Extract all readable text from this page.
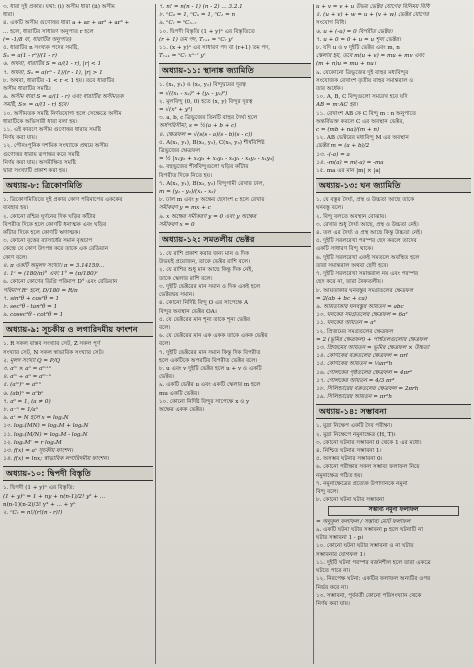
৩. ধারা দুই প্রকার। যথা: (i) অসীম ধারা (ii) অসীম
ধারা।
৪. একটি অসীম গুণোত্তর ধারা a + ar + ar² + ar³ +
... হলে, ধারাটির সাধারণ অনুপাত r হলে
(= -1/8 বা, ধারাটির অনুপাত)
৫. ধারাটির n সংখ্যক পদের সমষ্টি,
Sₙ = a(1 - rⁿ)/(1 - r)
৬. অথবা, ধারাটির S = a/(1 - r), |r| < 1
৭. অথবা, Sₙ = a(rⁿ - 1)/(r - 1), |r| > 1
৮. অথবা, ধারাটির -1 < r < 1 হয়। তবে ধারাটির
অসীম ধারাটির সমষ্টি।
৯. অসীম ধারা S = a/(1 - r) এবং ধারাটির অসীমতক
সমষ্টি, S∞ = a/(1 - r) হবে।
১০. অসীমতক সমষ্টি নির্ণয়যোগ্য হলে সেক্ষেত্রে অসীম
ধারাটিকে অভিসারী ধারা বলা হয়।
১১. এই কারণে অসীম গুণোত্তর ধারার সমষ্টি
নির্ণয় করা যায়।
১২. পৌনঃপুনিক দশমিক সংখ্যাকে প্রথমে অসীম
গুণোত্তর ধারায় রূপান্তর করে সমষ্টি
নির্ণয় করা যায়। অসমীক্ষিত সমষ্টি
দ্বারা সংখ্যাটি প্রকাশ করা হয়।
অধ্যায়-৮: ত্রিকোণমিতি
১. ত্রিকোণমিতিতে দুই প্রকার কোণ পরিমাপের এককের
ব্যবহার হয়।
২. কোনো রশ্মির ঘূর্ণনের দিক ঘড়ির কাঁটার
বিপরীত দিকে হলে কোণটি ধনাত্মক এবং ঘড়ির
কাঁটার দিকে হলে কোণটি ঋণাত্মক।
৩. কোনো বৃত্তের ব্যাসার্ধের সমান বৃত্তচাপ
কেন্দ্রে যে কোণ উৎপন্ন করে তাকে এক রেডিয়ান
কোণ বলে।
৪. π একটি অমূলদ সংখ্যা। π = 3.14159...
৫. 1ᶜ = (180/π)° এবং 1° = (π/180)ᶜ
৬. কোনো কোণের ডিগ্রি পরিমাপ D° এবং রেডিয়ান
পরিমাপ Rᶜ হলে, D/180 = R/π
৭. sin²θ + cos²θ = 1
৮. sec²θ - tan²θ = 1
৯. cosec²θ - cot²θ = 1
অধ্যায়-৯: সূচকীয় ও লগারিদমীয় ফাংশন
১. R সকল বাস্তব সংখ্যার সেট, Z সকল পূর্ণ
সংখ্যার সেট, N সকল স্বাভাবিক সংখ্যার সেট।
২. মূলদ সংখ্যা Q = P/Q
৩. aᵐ × aⁿ = aᵐ⁺ⁿ
৪. aᵐ ÷ aⁿ = aᵐ⁻ⁿ
৫. (aᵐ)ⁿ = aᵐⁿ
৬. (ab)ⁿ = aⁿbⁿ
৭. a⁰ = 1, (a ≠ 0)
৮. a⁻ⁿ = 1/aⁿ
৯. aˣ = N হলে x = logₐN
১০. logₐ(MN) = logₐM + logₐN
১১. logₐ(M/N) = logₐM - logₐN
১২. logₐMʳ = r logₐM
১৩. f(x) = aˣ সূচকীয় ফাংশন।
১৪. f(x) = lnx; স্বাভাবিক লগারিদমীয় ফাংশন।
অধ্যায়-১০: দ্বিপদী বিস্তৃতি
১. দ্বিপদী (1 + y)ⁿ এর বিস্তৃতি:
(1 + y)ⁿ = 1 + ny + n(n-1)/2! y² + ...
n(n-1)(n-2)/3! y³ + ... + yⁿ
২. ⁿCᵣ = n!/(r!(n - r)!)
৭. n! = n(n - 1) (n - 2) ... 3.2.1
৮. ⁿC₀ = 1, ⁿCₙ = 1, ⁿC₁ = n
৯. ⁿCᵣ = ⁿCₙ₋ᵣ
১০. দ্বিপদী বিস্তৃতি (1 + y)ⁿ এর বিস্তৃতিতে
(r + 1) তম পদ, Tᵣ₊₁ = ⁿCᵣ yʳ
১১. (x + y)ⁿ এর সাধারণ পদ বা (r+1) তম পদ,
Tᵣ₊₁ = ⁿCᵣ xⁿ⁻ʳ yʳ
অধ্যায়-১১: স্থানাঙ্ক জ্যামিতি
১. (x₁, y₁) ও (x₂, y₂) বিন্দুদ্বয়ের দূরত্ব
= √((x₁ - x₂)² + (y₁ - y₂)²)
২. মূলবিন্দু (0, 0) হতে (x, y) বিন্দুর দূরত্ব
= √(x² + y²)
৩. a, b, c ত্রিভুজের তিনটি বাহুর দৈর্ঘ্য হলে
অর্ধপরিসীমা, s = ½(a + b + c)
৪. ক্ষেত্রফল = √(s(s - a)(s - b)(s - c))
৫. A(x₁, y₁), B(x₂, y₂), C(x₃, y₃) শীর্ষবিশিষ্ট
ত্রিভুজের ক্ষেত্রফল
= ½ |x₁y₂ + x₂y₃ + x₃y₁ - x₂y₁ - x₃y₂ - x₁y₃|
৬. বহুভুজের শীর্ষবিন্দুগুলো ঘড়ির কাঁটার
বিপরীত দিকে নিতে হয়।
৭. A(x₁, y₁), B(x₂, y₂) বিন্দুগামী রেখার ঢাল,
m = (y₁ - y₂)/(x₁ - x₂)
৮. ঢাল m এবং y অক্ষের ছেদাংশ c হলে রেখার
সমীকরণ y = mx + c
৯. x অক্ষের সমীকরণ y = 0 এবং y অক্ষের
সমীকরণ x = 0
অধ্যায়-১২: সমতলীয় ভেক্টর
১. যে রাশি প্রকাশ করার জন্য মান ও দিক
উভয়ই প্রয়োজন, তাকে ভেক্টর রাশি বলে।
২. যে রাশির শুধু মান আছে কিন্তু দিক নেই,
তাকে স্কেলার রাশি বলে।
৩. দুইটি ভেক্টরের মান সমান ও দিক একই হলে
ভেক্টরদ্বয় সমান।
৪. কোনো নির্দিষ্ট বিন্দু O এর সাপেক্ষে A
বিন্দুর অবস্থান ভেক্টর OA।
৫. যে ভেক্টরের মান শূন্য তাকে শূন্য ভেক্টর
বলে।
৬. যে ভেক্টরের মান এক একক তাকে একক ভেক্টর
বলে।
৭. দুইটি ভেক্টরের মান সমান কিন্তু দিক বিপরীত
হলে একটিকে অপরটির বিপরীত ভেক্টর বলে।
৮. u এবং v দুইটি ভেক্টর হলে u + v ও একটি
ভেক্টর।
৯. একটি ভেক্টর u এবং একটি স্কেলার m হলে
mu একটি ভেক্টর।
১০. কোনো নির্দিষ্ট বিন্দুর সাপেক্ষে x ও y
অক্ষের একক ভেক্টর।
u + v = v + u উভয় ভেক্টর যোগের বিনিময় বিধি
৫. (u + v) + w = u + (v + w) ভেক্টর যোগের
সংযোগ বিধি।
৬. u + (-u) = 0 বিপরীত ভেক্টর।
৭. u + 0 = 0 + u = u শূন্য ভেক্টর।
৮. যদি u ও v দুইটি ভেক্টর এবং m, n
স্কেলার হয়, তবে m(u + v) = mu + mv এবং
(m + n)u = mu + nu।
৯. যেকোনো ত্রিভুজের দুই বাহুর মধ্যবিন্দুর
সংযোজক রেখাংশ তৃতীয় বাহুর সমান্তরাল ও
তার অর্ধেক।
১০. A, B, C বিন্দুগুলো সমরেখ হবে যদি
AB = m·AC হয়।
১১. রেখাংশ AB কে C বিন্দু m : n অনুপাতে
অন্তর্বিভক্ত করলে C এর অবস্থান ভেক্টর,
c = (mb + na)/(m + n)
১২. AB ভেক্টরের মধ্যবিন্দু M এর অবস্থান
ভেক্টর m = (a + b)/2
১৩. -(-a) = a
১৪. -m(a) = m(-a) = -ma
১৫. ma এর মান |m| × |a|
অধ্যায়-১৩: ঘন জ্যামিতি
১. যে বস্তুর দৈর্ঘ্য, প্রস্থ ও উচ্চতা আছে তাকে
ঘনবস্তু বলে।
২. বিন্দু বলতে অবস্থান বোঝায়।
৩. রেখার শুধু দৈর্ঘ্য আছে, প্রস্থ ও উচ্চতা নেই।
৪. তল এর দৈর্ঘ্য ও প্রস্থ আছে কিন্তু উচ্চতা নেই।
৫. দুইটি সরলরেখা পরস্পর ছেদ করলে তাদের
একটি সাধারণ বিন্দু থাকে।
৬. দুইটি সরলরেখা একই সমতলে অবস্থিত হলে
তারা সমান্তরাল অথবা ছেদী হবে।
৭. দুইটি সরলরেখা সমান্তরাল নয় এবং পরস্পর
ছেদ করে না, তারা নৈকতলীয়।
৮. আয়তাকার ঘনবস্তুর সমগ্রতলের ক্ষেত্রফল
= 2(ab + bc + ca)
৯. আয়তাকার ঘনবস্তুর আয়তন = abc
১০. ঘনকের সমগ্রতলের ক্ষেত্রফল = 6a²
১১. ঘনকের আয়তন = a³
১২. প্রিজমের সমগ্রতলের ক্ষেত্রফল
= 2 (ভূমির ক্ষেত্রফল) + পার্শ্বতলগুলোর ক্ষেত্রফল
১৩. প্রিজমের আয়তন = ভূমির ক্ষেত্রফল × উচ্চতা
১৪. কোণকের বক্রতলের ক্ষেত্রফল = πrl
১৫. কোণকের আয়তন = ⅓πr²h
১৬. গোলকের পৃষ্ঠতলের ক্ষেত্রফল = 4πr²
১৭. গোলকের আয়তন = 4/3 πr³
১৮. সিলিন্ডারের বক্রতলের ক্ষেত্রফল = 2πrh
১৯. সিলিন্ডারের আয়তন = πr²h
অধ্যায়-১৪: সম্ভাবনা
১. মুদ্রা নিক্ষেপ একটি দৈব পরীক্ষা।
২. মুদ্রা নিক্ষেপে নমুনাক্ষেত্র (H, T)।
৩. কোনো ঘটনার সম্ভাবনা 0 থেকে 1 এর মধ্যে।
৪. নিশ্চিত ঘটনার সম্ভাবনা 1।
৫. অসম্ভব ঘটনার সম্ভাবনা 0।
৬. কোনো পরীক্ষার সকল সম্ভাব্য ফলাফল নিয়ে
নমুনাক্ষেত্র গঠিত হয়।
৭. নমুনাক্ষেত্রের প্রত্যেক উপাদানকে নমুনা
বিন্দু বলে।
৮. কোনো ঘটনা ঘটার সম্ভাবনা
সম্ভাব্য নমুনা ফলাফল
= অনুকূল ফলাফল / সম্ভাব্য মোট ফলাফল
৯. একটি ঘটনা ঘটার সম্ভাবনা p হলে ঘটনাটি না
ঘটার সম্ভাবনা 1 - p।
১০. কোনো ঘটনা ঘটার সম্ভাবনা ও না ঘটার
সম্ভাবনার যোগফল 1।
১১. দুইটি ঘটনা পরস্পর বর্জনশীল হলে তারা একত্রে
ঘটতে পারে না।
১২. নিরপেক্ষ ঘটনা: একটির ফলাফল অন্যটির ওপর
নির্ভর করে না।
১৩. সম্ভাবনা, পূর্ববর্তী কোনো পরিসংখ্যান থেকে
নির্ণয় করা যায়।
